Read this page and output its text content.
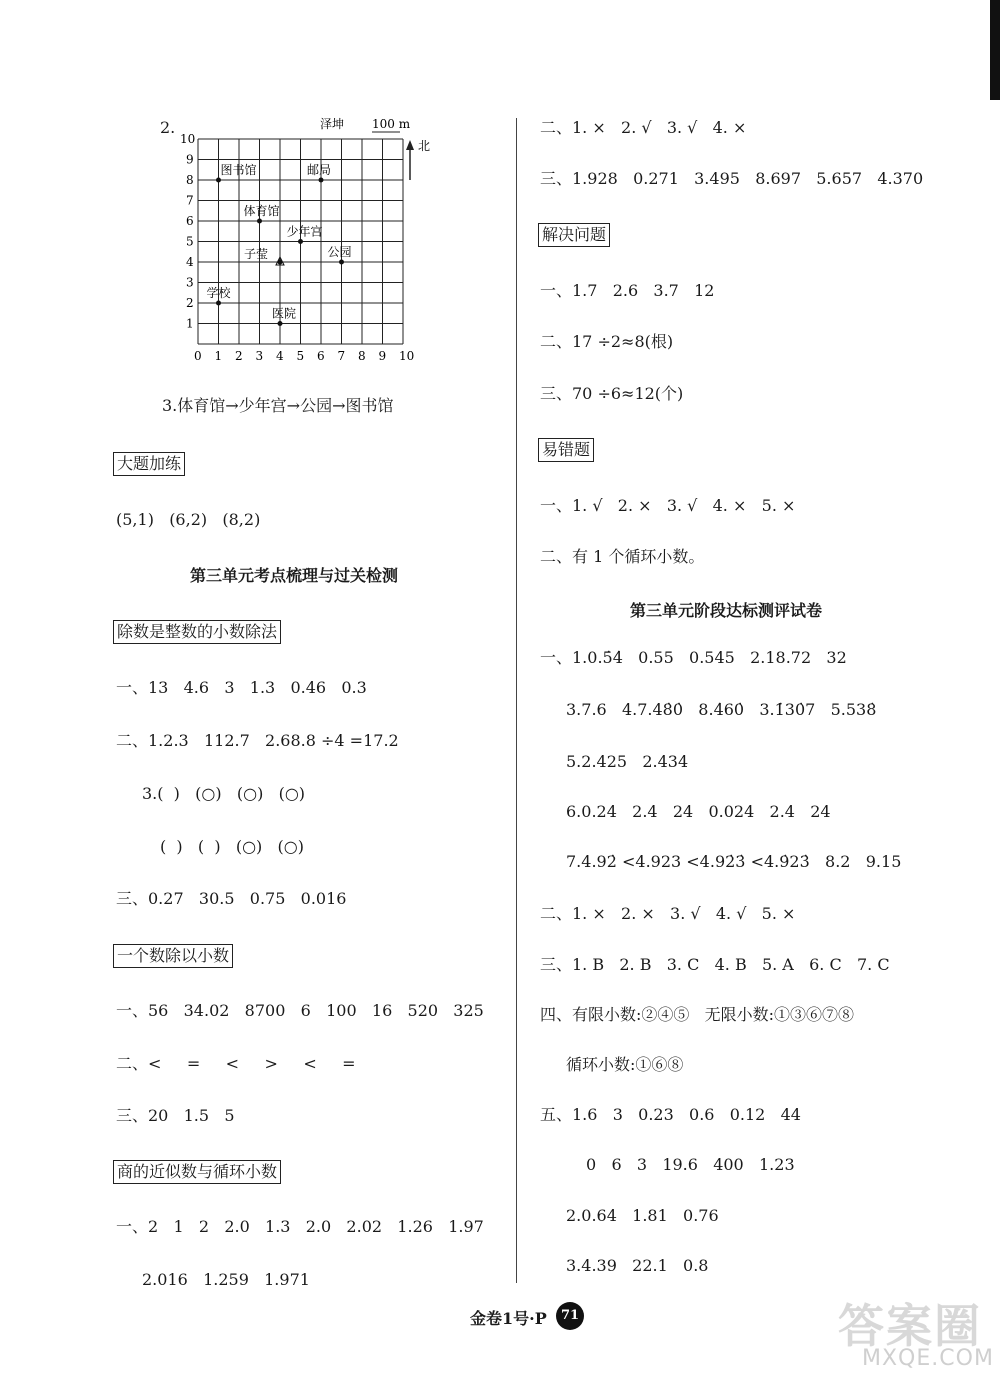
2.	泽坤 100 m
北
0 1 2 3 4 5 6 7 8 9 10
1
2
3
4
5
6
7
8
9
10
图书馆	邮局
体育馆
少年宫
子莹	公园
学校
医院
3.体育馆→少年宫→公园→图书馆
大题加练
(5,1)   (6,2)   (8,2)
第三单元考点梳理与过关检测
除数是整数的小数除法
一、13   4.6   3   1.3   0.46   0.3
二、1.2.3   112.7   2.68.8 ÷4 =17.2
3.(  )   (○)   (○)   (○)
(  )   (  )   (○)   (○)
三、0.27   30.5   0.75   0.016
一个数除以小数
一、56   34.02   8700   6   100   16   520   325
二、<     =     <     >     <     =
三、20   1.5   5
商的近似数与循环小数
一、2   1   2   2.0   1.3   2.0   2.02   1.26   1.97
2.016   1.259   1.971
二、1. ×   2. √   3. √   4. ×
三、1.928   0.271   3.495   8.697   5.657   4.370
解决问题
一、1.7   2.6   3.7   12
二、17 ÷2≈8(根)
三、70 ÷6≈12(个)
易错题
一、1. √   2. ×   3. √   4. ×   5. ×
二、有 1 个循环小数。
第三单元阶段达标测评试卷
一、1.0.5̇4̇   0.55   0.545   2.18.72   32
3.7.6   4.7.48̇0̇   8.4̇60̇   3.1̇30̇7   5.538̇
5.2.425   2.434
6.0.24   2.4   24   0.024   2.4   24
7.4.92̇ <4.923 <4.92̇3̇ <4.9̇23̇   8.2   9.15
二、1. ×   2. ×   3. √   4. √   5. ×
三、1. B   2. B   3. C   4. B   5. A   6. C   7. C
四、有限小数:②④⑤   无限小数:①③⑥⑦⑧
循环小数:①⑥⑧
五、1.6   3   0.23   0.6   0.12   44
0   6   3   19.6   400   1.23
2.0.64   1.81   0.76
3.4.39   22.1   0.8
金卷1号·P	71	答案圈
MXQE.COM
